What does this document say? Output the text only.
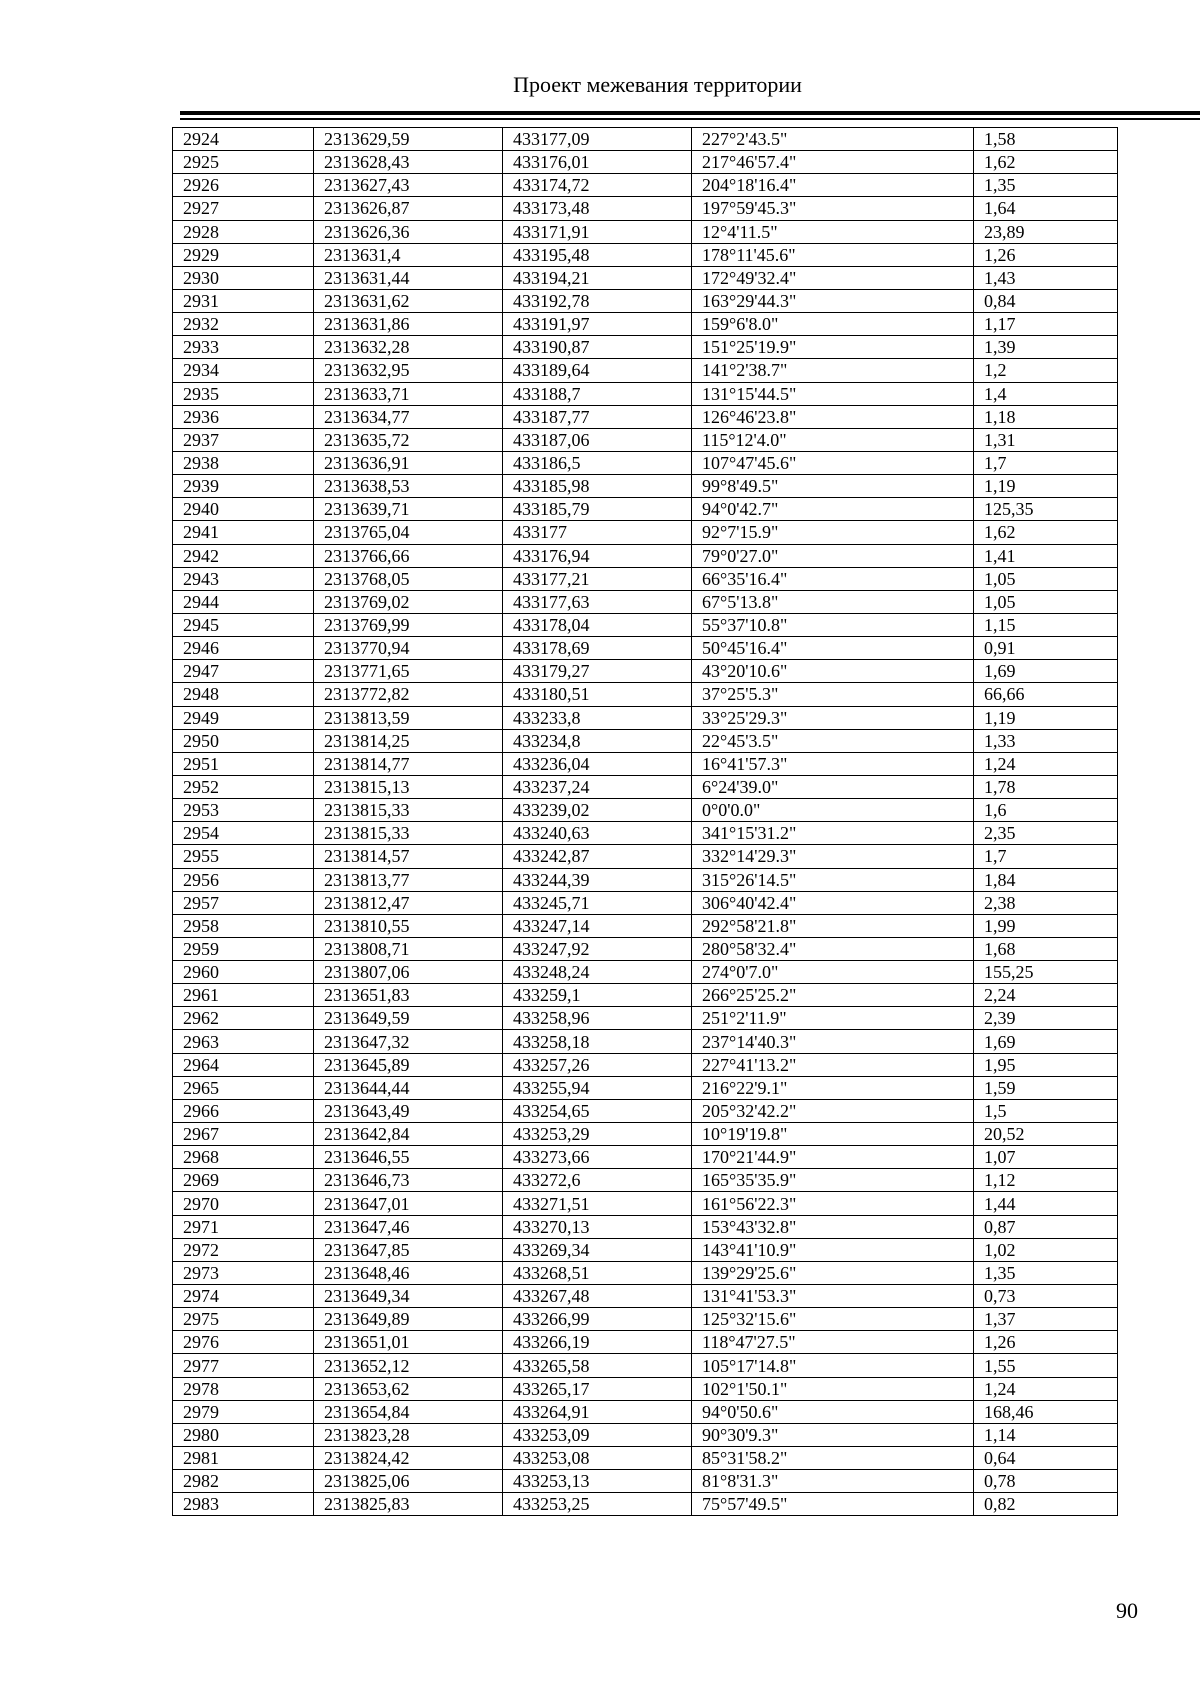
Проект межевания территории
2924	2313629,59	433177,09	227°2'43.5"	1,58
2925	2313628,43	433176,01	217°46'57.4"	1,62
2926	2313627,43	433174,72	204°18'16.4"	1,35
2927	2313626,87	433173,48	197°59'45.3"	1,64
2928	2313626,36	433171,91	12°4'11.5"	23,89
2929	2313631,4	433195,48	178°11'45.6"	1,26
2930	2313631,44	433194,21	172°49'32.4"	1,43
2931	2313631,62	433192,78	163°29'44.3"	0,84
2932	2313631,86	433191,97	159°6'8.0"	1,17
2933	2313632,28	433190,87	151°25'19.9"	1,39
2934	2313632,95	433189,64	141°2'38.7"	1,2
2935	2313633,71	433188,7	131°15'44.5"	1,4
2936	2313634,77	433187,77	126°46'23.8"	1,18
2937	2313635,72	433187,06	115°12'4.0"	1,31
2938	2313636,91	433186,5	107°47'45.6"	1,7
2939	2313638,53	433185,98	99°8'49.5"	1,19
2940	2313639,71	433185,79	94°0'42.7"	125,35
2941	2313765,04	433177	92°7'15.9"	1,62
2942	2313766,66	433176,94	79°0'27.0"	1,41
2943	2313768,05	433177,21	66°35'16.4"	1,05
2944	2313769,02	433177,63	67°5'13.8"	1,05
2945	2313769,99	433178,04	55°37'10.8"	1,15
2946	2313770,94	433178,69	50°45'16.4"	0,91
2947	2313771,65	433179,27	43°20'10.6"	1,69
2948	2313772,82	433180,51	37°25'5.3"	66,66
2949	2313813,59	433233,8	33°25'29.3"	1,19
2950	2313814,25	433234,8	22°45'3.5"	1,33
2951	2313814,77	433236,04	16°41'57.3"	1,24
2952	2313815,13	433237,24	6°24'39.0"	1,78
2953	2313815,33	433239,02	0°0'0.0"	1,6
2954	2313815,33	433240,63	341°15'31.2"	2,35
2955	2313814,57	433242,87	332°14'29.3"	1,7
2956	2313813,77	433244,39	315°26'14.5"	1,84
2957	2313812,47	433245,71	306°40'42.4"	2,38
2958	2313810,55	433247,14	292°58'21.8"	1,99
2959	2313808,71	433247,92	280°58'32.4"	1,68
2960	2313807,06	433248,24	274°0'7.0"	155,25
2961	2313651,83	433259,1	266°25'25.2"	2,24
2962	2313649,59	433258,96	251°2'11.9"	2,39
2963	2313647,32	433258,18	237°14'40.3"	1,69
2964	2313645,89	433257,26	227°41'13.2"	1,95
2965	2313644,44	433255,94	216°22'9.1"	1,59
2966	2313643,49	433254,65	205°32'42.2"	1,5
2967	2313642,84	433253,29	10°19'19.8"	20,52
2968	2313646,55	433273,66	170°21'44.9"	1,07
2969	2313646,73	433272,6	165°35'35.9"	1,12
2970	2313647,01	433271,51	161°56'22.3"	1,44
2971	2313647,46	433270,13	153°43'32.8"	0,87
2972	2313647,85	433269,34	143°41'10.9"	1,02
2973	2313648,46	433268,51	139°29'25.6"	1,35
2974	2313649,34	433267,48	131°41'53.3"	0,73
2975	2313649,89	433266,99	125°32'15.6"	1,37
2976	2313651,01	433266,19	118°47'27.5"	1,26
2977	2313652,12	433265,58	105°17'14.8"	1,55
2978	2313653,62	433265,17	102°1'50.1"	1,24
2979	2313654,84	433264,91	94°0'50.6"	168,46
2980	2313823,28	433253,09	90°30'9.3"	1,14
2981	2313824,42	433253,08	85°31'58.2"	0,64
2982	2313825,06	433253,13	81°8'31.3"	0,78
2983	2313825,83	433253,25	75°57'49.5"	0,82
90
